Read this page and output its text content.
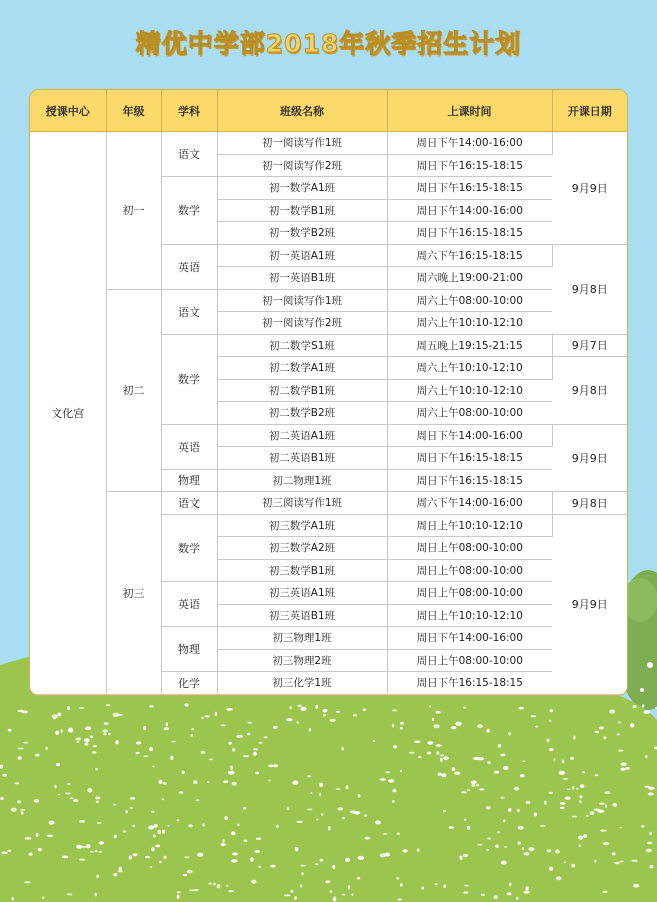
精优中学部2018年秋季招生计划
授课中心	年级	学科	班级名称	上课时间	开课日期
文化宫	初一	语文	初一阅读写作1班	周日下午14:00-16:00	9月9日
			初一阅读写作2班	周日下午16:15-18:15	
		数学	初一数学A1班	周日下午16:15-18:15	
			初一数学B1班	周日下午14:00-16:00	
			初一数学B2班	周日下午16:15-18:15	
		英语	初一英语A1班	周六下午16:15-18:15	9月8日
			初一英语B1班	周六晚上19:00-21:00	
	初二	语文	初一阅读写作1班	周六上午08:00-10:00	
			初一阅读写作2班	周六上午10:10-12:10	
		数学	初二数学S1班	周五晚上19:15-21:15	9月7日
			初二数学A1班	周六上午10:10-12:10	9月8日
			初二数学B1班	周六上午10:10-12:10	
			初二数学B2班	周六上午08:00-10:00	
		英语	初二英语A1班	周日下午14:00-16:00	9月9日
			初二英语B1班	周日下午16:15-18:15	
		物理	初二物理1班	周日下午16:15-18:15	
	初三	语文	初三阅读写作1班	周六下午14:00-16:00	9月8日
		数学	初三数学A1班	周日上午10:10-12:10	9月9日
			初三数学A2班	周日上午08:00-10:00	
			初三数学B1班	周日上午08:00-10:00	
		英语	初三英语A1班	周日上午08:00-10:00	
			初三英语B1班	周日上午10:10-12:10	
		物理	初三物理1班	周日下午14:00-16:00	
			初三物理2班	周日上午08:00-10:00	
		化学	初三化学1班	周日下午16:15-18:15	
